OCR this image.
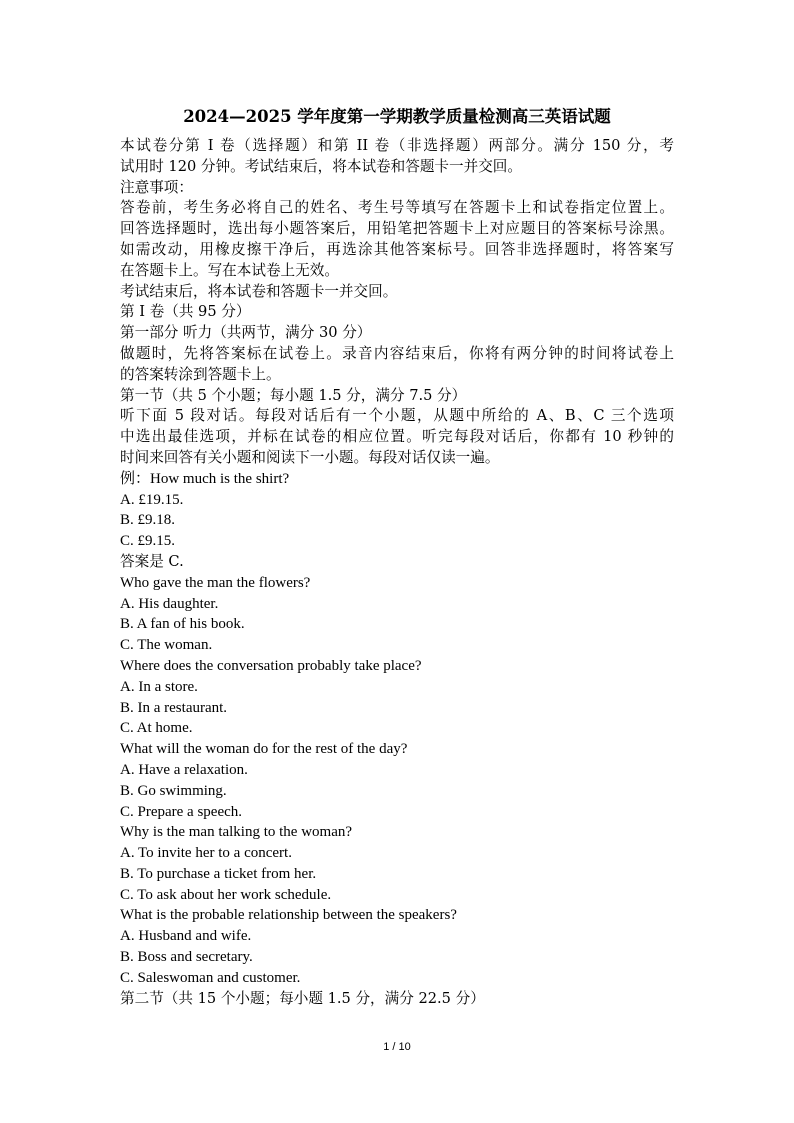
2024—2025 学年度第一学期教学质量检测高三英语试题
本试卷分第 I 卷（选择题）和第 II 卷（非选择题）两部分。满分 150 分，考
试用时 120 分钟。考试结束后，将本试卷和答题卡一并交回。
注意事项：
答卷前，考生务必将自己的姓名、考生号等填写在答题卡上和试卷指定位置上。
回答选择题时，选出每小题答案后，用铅笔把答题卡上对应题目的答案标号涂黑。
如需改动，用橡皮擦干净后，再选涂其他答案标号。回答非选择题时，将答案写
在答题卡上。写在本试卷上无效。
考试结束后，将本试卷和答题卡一并交回。
第 I 卷（共 95 分）
第一部分 听力（共两节，满分 30 分）
做题时，先将答案标在试卷上。录音内容结束后，你将有两分钟的时间将试卷上
的答案转涂到答题卡上。
第一节（共 5 个小题；每小题 1.5 分，满分 7.5 分）
听下面 5 段对话。每段对话后有一个小题，从题中所给的 A、B、C 三个选项
中选出最佳选项，并标在试卷的相应位置。听完每段对话后，你都有 10 秒钟的
时间来回答有关小题和阅读下一小题。每段对话仅读一遍。
例：How much is the shirt?
A. £19.15.
B. £9.18.
C. £9.15.
答案是 C.
Who gave the man the flowers?
A. His daughter.
B. A fan of his book.
C. The woman.
Where does the conversation probably take place?
A. In a store.
B. In a restaurant.
C. At home.
What will the woman do for the rest of the day?
A. Have a relaxation.
B. Go swimming.
C. Prepare a speech.
Why is the man talking to the woman?
A. To invite her to a concert.
B. To purchase a ticket from her.
C. To ask about her work schedule.
What is the probable relationship between the speakers?
A. Husband and wife.
B. Boss and secretary.
C. Saleswoman and customer.
第二节（共 15 个小题；每小题 1.5 分，满分 22.5 分）
1 / 10
